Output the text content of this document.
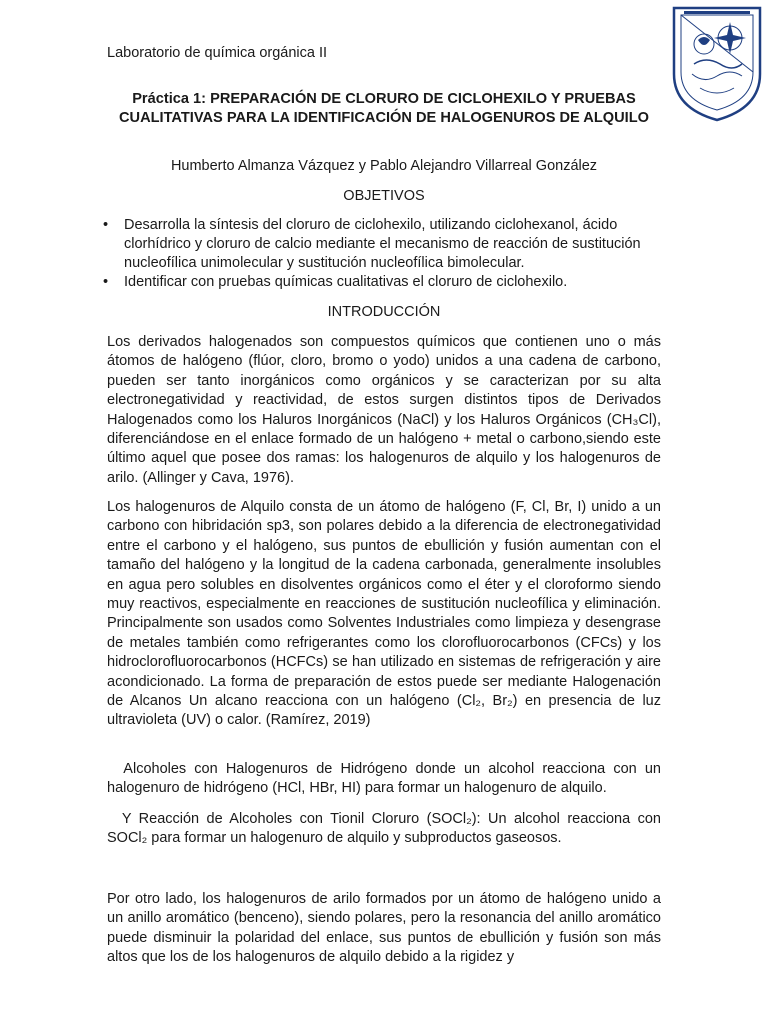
Laboratorio de química orgánica II
Práctica 1: PREPARACIÓN DE CLORURO DE CICLOHEXILO Y PRUEBAS CUALITATIVAS PARA LA IDENTIFICACIÓN DE HALOGENUROS DE ALQUILO
Humberto Almanza Vázquez y Pablo Alejandro Villarreal González
OBJETIVOS
• Desarrolla la síntesis del cloruro de ciclohexilo, utilizando ciclohexanol, ácido clorhídrico y cloruro de calcio mediante el mecanismo de reacción de sustitución nucleofílica unimolecular y sustitución nucleofílica bimolecular.
• Identificar con pruebas químicas cualitativas el cloruro de ciclohexilo.
INTRODUCCIÓN

Los derivados halogenados son compuestos químicos que contienen uno o más átomos de halógeno (flúor, cloro, bromo o yodo) unidos a una cadena de carbono, pueden ser tanto inorgánicos como orgánicos y se caracterizan por su alta electronegatividad y reactividad, de estos surgen distintos tipos de Derivados Halogenados como los Haluros Inorgánicos (NaCl) y los Haluros Orgánicos (CH₃Cl), diferenciándose en el enlace formado de un halógeno + metal o carbono,siendo este último aquel que posee dos ramas: los halogenuros de alquilo y los halogenuros de arilo. (Allinger y Cava, 1976).

Los halogenuros de Alquilo consta de un átomo de halógeno (F, Cl, Br, I) unido a un carbono con hibridación sp3, son polares debido a la diferencia de electronegatividad entre el carbono y el halógeno, sus puntos de ebullición y fusión aumentan con el tamaño del halógeno y la longitud de la cadena carbonada, generalmente insolubles en agua pero solubles en disolventes orgánicos como el éter y el cloroformo siendo muy reactivos, especialmente en reacciones de sustitución nucleofílica y eliminación. Principalmente son usados como Solventes Industriales como limpieza y desengrase de metales también como refrigerantes como los clorofluorocarbonos (CFCs) y los hidroclorofluorocarbonos (HCFCs) se han utilizado en sistemas de refrigeración y aire acondicionado. La forma de preparación de estos puede ser mediante Halogenación de Alcanos Un alcano reacciona con un halógeno (Cl₂, Br₂) en presencia de luz ultravioleta (UV) o calor. (Ramírez, 2019)

Alcoholes con Halogenuros de Hidrógeno donde un alcohol reacciona con un halogenuro de hidrógeno (HCl, HBr, HI) para formar un halogenuro de alquilo.

Y Reacción de Alcoholes con Tionil Cloruro (SOCl₂): Un alcohol reacciona con SOCl₂ para formar un halogenuro de alquilo y subproductos gaseosos.

Por otro lado, los halogenuros de arilo formados por un átomo de halógeno unido a un anillo aromático (benceno), siendo polares, pero la resonancia del anillo aromático puede disminuir la polaridad del enlace, sus puntos de ebullición y fusión son más altos que los de los halogenuros de alquilo debido a la rigidez y
